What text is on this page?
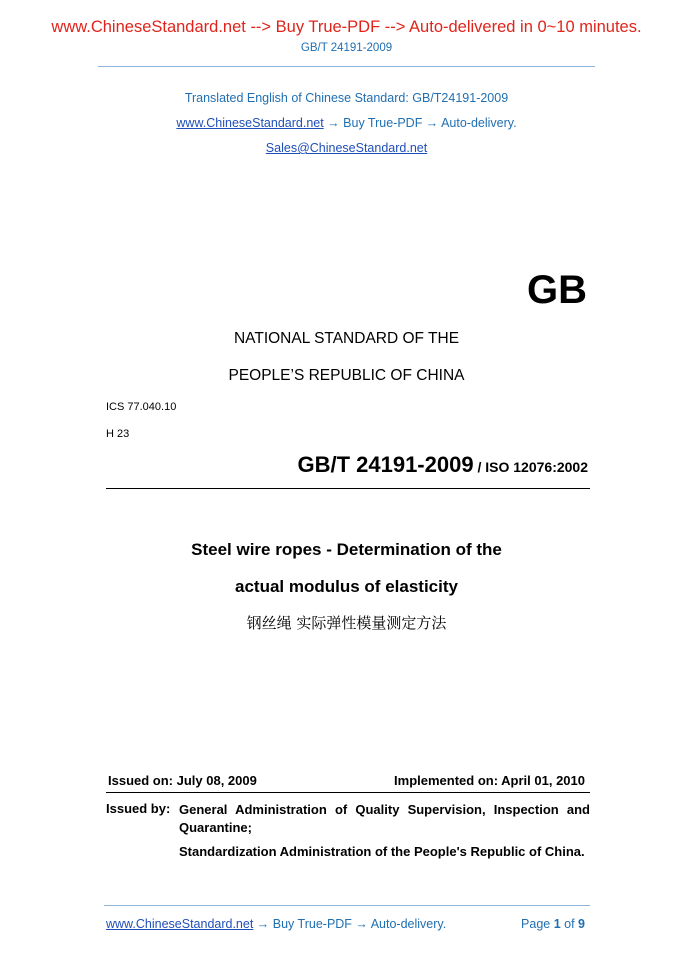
www.ChineseStandard.net --> Buy True-PDF --> Auto-delivered in 0~10 minutes.
GB/T 24191-2009
Translated English of Chinese Standard: GB/T24191-2009
www.ChineseStandard.net → Buy True-PDF → Auto-delivery.
Sales@ChineseStandard.net
GB
NATIONAL STANDARD OF THE
PEOPLE’S REPUBLIC OF CHINA
ICS 77.040.10
H 23
GB/T 24191-2009 / ISO 12076:2002
Steel wire ropes - Determination of the
actual modulus of elasticity
钢丝绳 实际弹性模量测定方法
Issued on: July 08, 2009	Implemented on: April 01, 2010
Issued by: General Administration of Quality Supervision, Inspection and Quarantine;
Standardization Administration of the People's Republic of China.
www.ChineseStandard.net → Buy True-PDF → Auto-delivery.	Page 1 of 9
